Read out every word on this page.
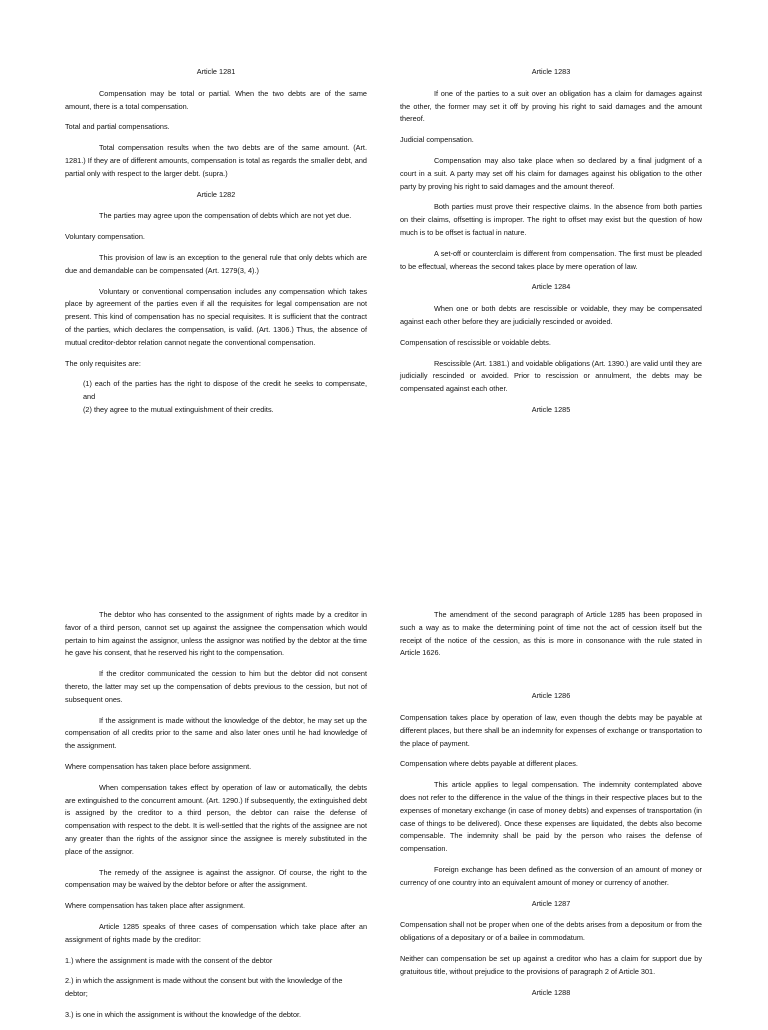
Article 1281
Compensation may be total or partial. When the two debts are of the same amount, there is a total compensation.
Total and partial compensations.
Total compensation results when the two debts are of the same amount. (Art. 1281.) If they are of different amounts, compensation is total as regards the smaller debt, and partial only with respect to the larger debt. (supra.)
Article 1282
The parties may agree upon the compensation of debts which are not yet due.
Voluntary compensation.
This provision of law is an exception to the general rule that only debts which are due and demandable can be compensated (Art. 1279(3, 4).)
Voluntary or conventional compensation includes any compensation which takes place by agreement of the parties even if all the requisites for legal compensation are not present. This kind of compensation has no special requisites. It is sufficient that the contract of the parties, which declares the compensation, is valid. (Art. 1306.) Thus, the absence of mutual creditor-debtor relation cannot negate the conventional compensation.
The only requisites are:
(1) each of the parties has the right to dispose of the credit he seeks to compensate, and
(2) they agree to the mutual extinguishment of their credits.
Article 1283
If one of the parties to a suit over an obligation has a claim for damages against the other, the former may set it off by proving his right to said damages and the amount thereof.
Judicial compensation.
Compensation may also take place when so declared by a final judgment of a court in a suit. A party may set off his claim for damages against his obligation to the other party by proving his right to said damages and the amount thereof.
Both parties must prove their respective claims. In the absence from both parties on their claims, offsetting is improper. The right to offset may exist but the question of how much is to be offset is factual in nature.
A set-off or counterclaim is different from compensation. The first must be pleaded to be effectual, whereas the second takes place by mere operation of law.
Article 1284
When one or both debts are rescissible or voidable, they may be compensated against each other before they are judicially rescinded or avoided.
Compensation of rescissible or voidable debts.
Rescissible (Art. 1381.) and voidable obligations (Art. 1390.) are valid until they are judicially rescinded or avoided. Prior to rescission or annulment, the debts may be compensated against each other.
Article 1285
The debtor who has consented to the assignment of rights made by a creditor in favor of a third person, cannot set up against the assignee the compensation which would pertain to him against the assignor, unless the assignor was notified by the debtor at the time he gave his consent, that he reserved his right to the compensation.
If the creditor communicated the cession to him but the debtor did not consent thereto, the latter may set up the compensation of debts previous to the cession, but not of subsequent ones.
If the assignment is made without the knowledge of the debtor, he may set up the compensation of all credits prior to the same and also later ones until he had knowledge of the assignment.
Where compensation has taken place before assignment.
When compensation takes effect by operation of law or automatically, the debts are extinguished to the concurrent amount. (Art. 1290.) If subsequently, the extinguished debt is assigned by the creditor to a third person, the debtor can raise the defense of compensation with respect to the debt. It is well-settled that the rights of the assignee are not any greater than the rights of the assignor since the assignee is merely substituted in the place of the assignor.
The remedy of the assignee is against the assignor. Of course, the right to the compensation may be waived by the debtor before or after the assignment.
Where compensation has taken place after assignment.
Article 1285 speaks of three cases of compensation which take place after an assignment of rights made by the creditor:
1.) where the assignment is made with the consent of the debtor
2.) in which the assignment is made without the consent but with the knowledge of the debtor;
3.) is one in which the assignment is without the knowledge of the debtor.
The amendment of the second paragraph of Article 1285 has been proposed in such a way as to make the determining point of time not the act of cession itself but the receipt of the notice of the cession, as this is more in consonance with the rule stated in Article 1626.
Article 1286
Compensation takes place by operation of law, even though the debts may be payable at different places, but there shall be an indemnity for expenses of exchange or transportation to the place of payment.
Compensation where debts payable at different places.
This article applies to legal compensation. The indemnity contemplated above does not refer to the difference in the value of the things in their respective places but to the expenses of monetary exchange (in case of money debts) and expenses of transportation (in case of things to be delivered). Once these expenses are liquidated, the debts also become compensable. The indemnity shall be paid by the person who raises the defense of compensation.
Foreign exchange has been defined as the conversion of an amount of money or currency of one country into an equivalent amount of money or currency of another.
Article 1287
Compensation shall not be proper when one of the debts arises from a depositum or from the obligations of a depositary or of a bailee in commodatum.
Neither can compensation be set up against a creditor who has a claim for support due by gratuitous title, without prejudice to the provisions of paragraph 2 of Article 301.
Article 1288
